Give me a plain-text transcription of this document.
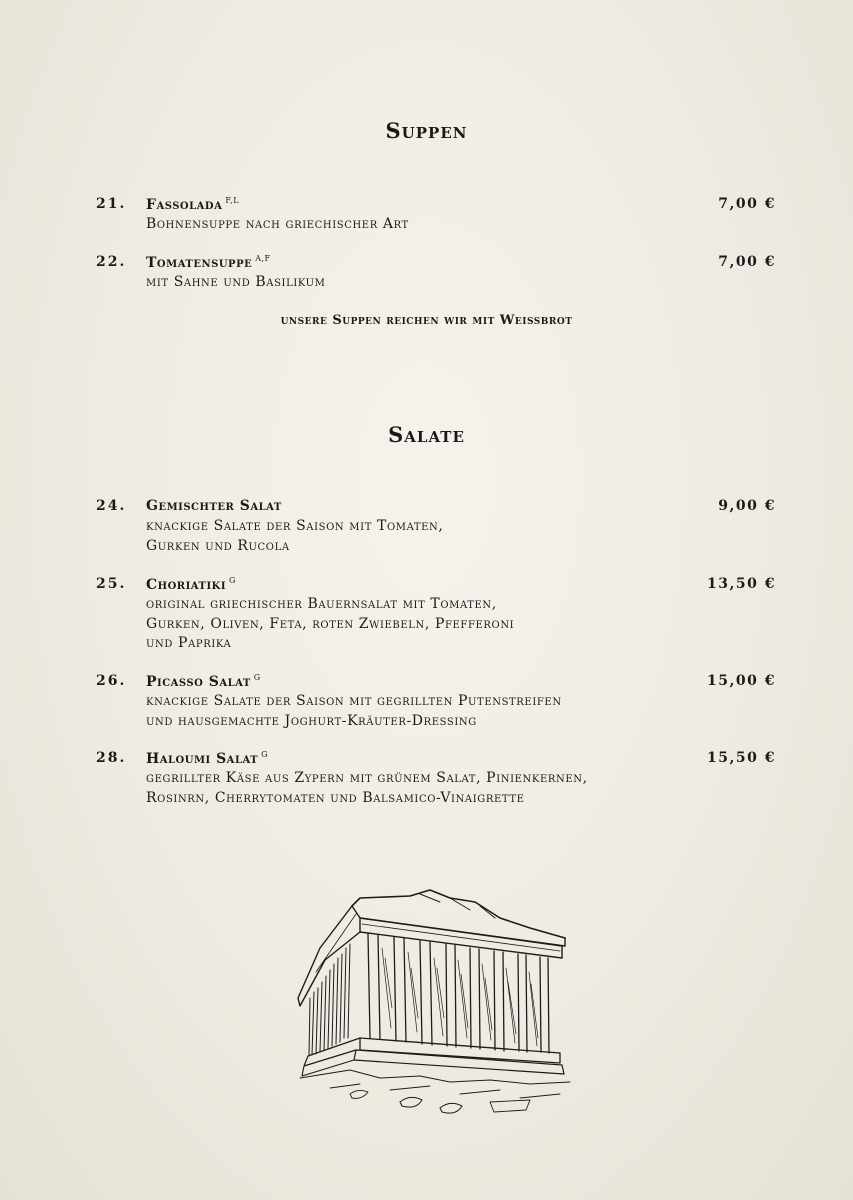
Suppen
21. Fassolada $^{F,L}$	7,00 €
Bohnensuppe nach griechischer Art
22. Tomatensuppe $^{A,F}$	7,00 €
mit Sahne und Basilikum
unsere Suppen reichen wir mit Weissbrot
Salate
24. Gemischter Salat	9,00 €
knackige Salate der Saison mit Tomaten,
Gurken und Rucola
25. Choriatiki $^G$	13,50 €
original griechischer Bauernsalat mit Tomaten,
Gurken, Oliven, Feta, roten Zwiebeln, Pfefferoni
und Paprika
26. Picasso Salat $^G$	15,00 €
knackige Salate der Saison mit gegrillten Putenstreifen
und hausgemachte Joghurt-Kräuter-Dressing
28. Haloumi Salat $^G$	15,50 €
gegrillter Käse aus Zypern mit grünem Salat, Pinienkernen,
Rosinrn, Cherrytomaten und Balsamico-Vinaigrette
